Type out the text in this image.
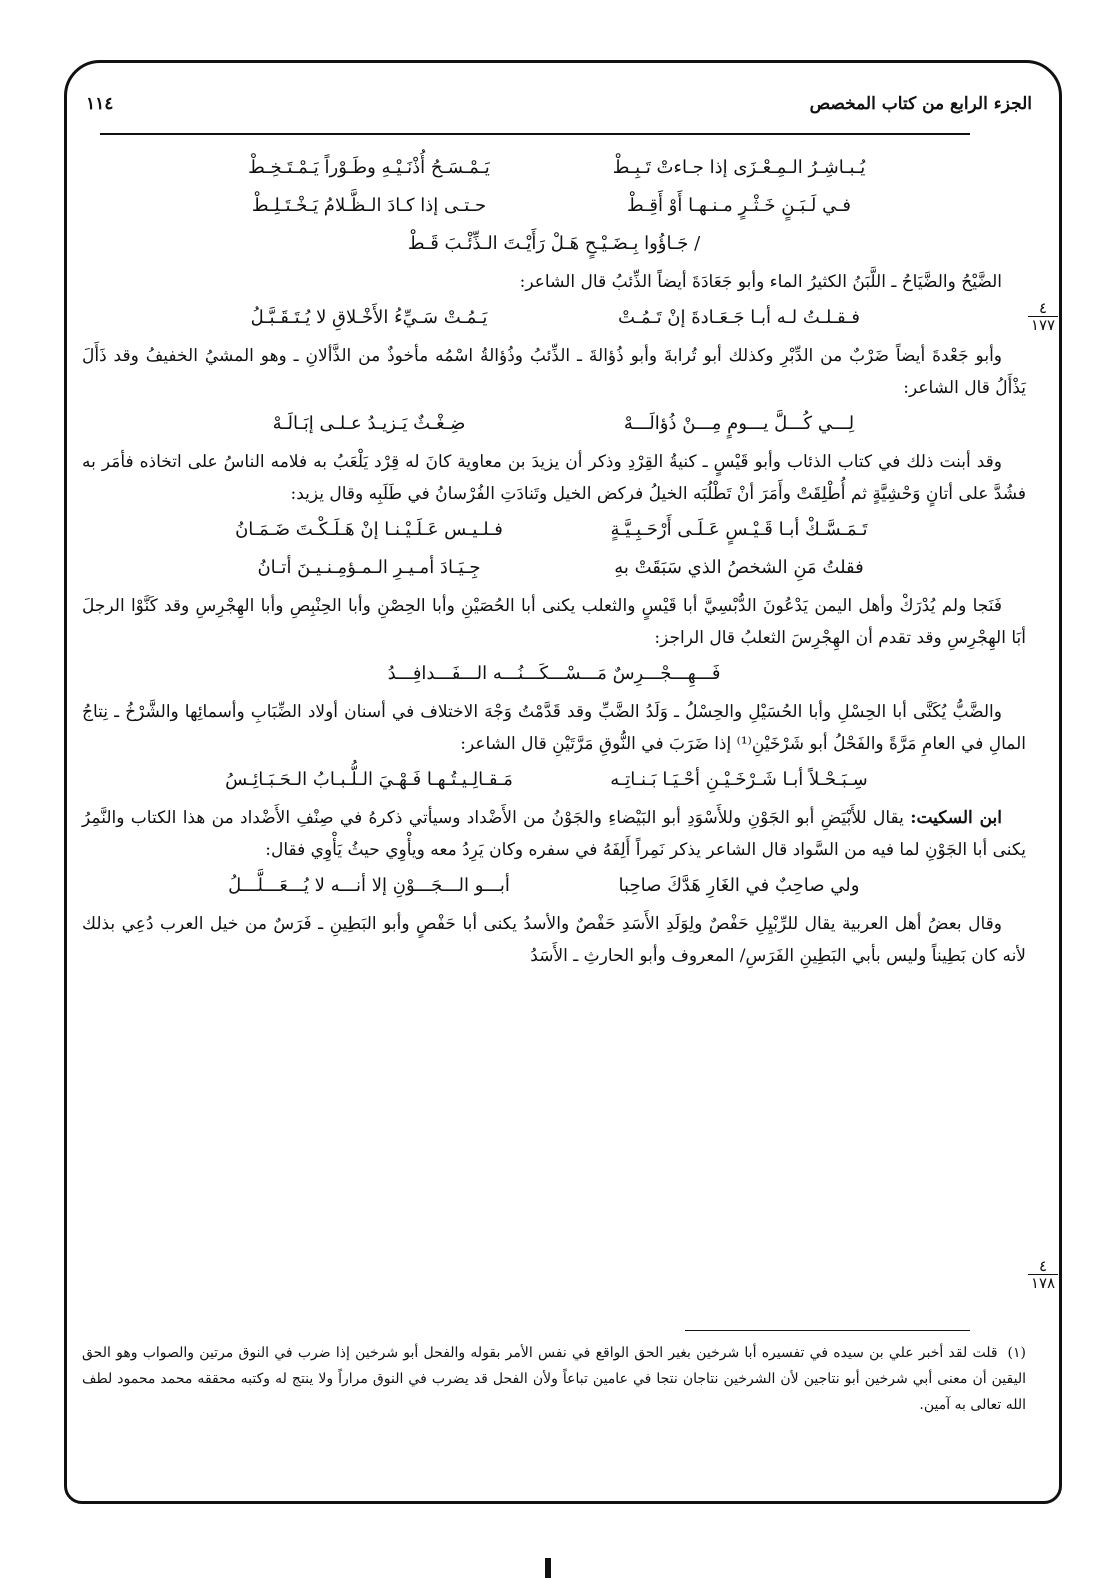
الجزء الرابع من كتاب المخصص
١١٤
٤
١٧٧
٤
١٧٨
يُـبـاشِـرُ الـمِـعْـزَى إذا جـاءتْ تَـبِـطْ
يَـمْـسَـحُ أُذْنَـيْـهِ وطَـوْراً يَـمْـتَـخِـطْ
فـي لَـبَـنٍ خَـثْـرٍ مـنـهـا أَوْ أَقِـطْ
حـتـى إذا كـادَ الـظَّـلامُ يَـخْـتَـلِـطْ
/ جَـاؤُوا بِـضَـيْـحٍ هَـلْ رَأَيْـتَ الـذِّئْـبَ قَـطْ

الضَّيْحُ والضَّيَاحُ ـ اللَّبَنُ الكثيرُ الماء وأبو جَعَادَةَ أيضاً الذِّئبُ قال الشاعر:

فـقـلـتُ لـه أبـا جَـعَـادةَ إنْ تَـمُـتْ
يَـمُـتْ سَـيِّءُ الأَخْـلاقِ لا يُـتَـقَـبَّـلُ

وأبو جَعْدةَ أيضاً ضَرْبٌ من الدِّبْرِ وكذلك أبو تُرابةَ وأبو ذُؤالةَ ـ الذِّئبُ وذُؤالةُ اسْمُه مأخوذٌ من الذَّألانِ ـ وهو المشيُ الخفيفُ وقد ذَأَلَ يَذْأَلُ قال الشاعر:

لِـــي كُـــلَّ يـــومٍ مِـــنْ ذُؤالَـــهْ
ضِـغْـثٌ يَـزيـدُ عـلـى إبَـالَـهْ

وقد أبنت ذلك في كتاب الذئاب وأبو قَيْسٍ ـ كنيةُ القِرْدِ وذكر أن يزيدَ بن معاوية كانَ له قِرْد يَلْعَبُ به فلامه الناسُ على اتخاذه فأمَر به فشُدَّ على أتانٍ وَحْشِيَّةٍ ثم أُطْلِقَتْ وأَمَرَ أنْ تَطْلُبَه الخيلُ فركض الخيل وتَنادَتِ الفُرْسانُ في طَلَبِه وقال يزيد:

تَـمَـسَّـكْ أبـا قَـيْـسٍ عَـلَـى أَرْحَـبِـيَّـةٍ
فـلـيـس عَـلَـيْـنـا إنْ هَـلَـكْـتَ ضَـمَـانُ
فقلتُ مَنِ الشخصُ الذي سَبَقَتْ بهِ
جِـيَـادَ أمـيـرِ الـمـؤمِـنـيـنَ أتـانُ

فَنَجا ولم يُدْرَكْ وأهل اليمن يَدْعُونَ الدُّبْسِيَّ أبا قَيْسٍ والثعلب يكنى أبا الحُصَيْنِ وأبا الحِصْنِ وأبا الحِنْبِصِ وأبا الهِجْرِسِ وقد كَنَّوْا الرجلَ أبَا الهِجْرِسِ وقد تقدم أن الهِجْرِسَ الثعلبُ قال الراجز:

فَـــهِـــجْـــرِسٌ مَـــسْـــكَـــنُـــه الـــفَـــدافِـــدُ

والضَّبُّ يُكَنَّى أبا الحِسْلِ وأبا الحُسَيْلِ والحِسْلُ ـ وَلَدُ الضَّبِّ وقد قَدَّمْتُ وَجْهَ الاختلاف في أسنان أولاد الضِّبَابِ وأسمائِها والشَّرْخُ ـ نِتاجُ المالِ في العامِ مَرَّةً والفَحْلُ أبو شَرْخَيْنِ⁽¹⁾ إذا ضَرَبَ في النُّوقِ مَرَّتَيْنِ قال الشاعر:

سِـبَـحْـلاً أبـا شَـرْخَـيْـنِ أحْـيَـا بَـنـاتِـه
مَـقـالِـيـتُـهـا فَـهْـيَ الـلُّـبـابُ الـحَـبَـائِـسُ

ابن السكيت: يقال للأَبْيَضِ أبو الجَوْنِ وللأَسْوَدِ أبو البَيْضاءِ والجَوْنُ من الأَضْداد وسيأتي ذكرهُ في صِنْفِ الأَضْداد من هذا الكتاب والنَّمِرُ يكنى أبا الجَوْنِ لما فيه من السَّواد قال الشاعر يذكر نَمِراً أَلِفَهُ في سفره وكان يَرِدُ معه ويأْوِي حيثُ يَأْوِي فقال:

ولي صاحِبٌ في الغَارِ هَدَّكَ صاحِبا
أبـــو الـــجَـــوْنِ إلا أنـــه لا يُـــعَـــلَّـــلُ

وقال بعضُ أهل العربية يقال للرِّبْيِلِ حَفْصٌ ولِوَلَدِ الأَسَدِ حَفْصٌ والأسدُ يكنى أبا حَفْصٍ وأبو البَطِينِ ـ فَرَسٌ من خيل العرب دُعِي بذلك لأنه كان بَطِيناً وليس بأبي البَطِينِ الفَرَسِ/ المعروف وأبو الحارثِ ـ الأَسَدُ

(١)قلت لقد أخبر علي بن سيده في تفسيره أبا شرخين بغير الحق الواقع في نفس الأمر بقوله والفحل أبو شرخين إذا ضرب في النوق مرتين والصواب وهو الحق اليقين أن معنى أبي شرخين أبو نتاجين لأن الشرخين نتاجان نتجا في عامين تباعاً ولأن الفحل قد يضرب في النوق مراراً ولا ينتج له وكتبه محققه محمد محمود لطف الله تعالى به آمين.
